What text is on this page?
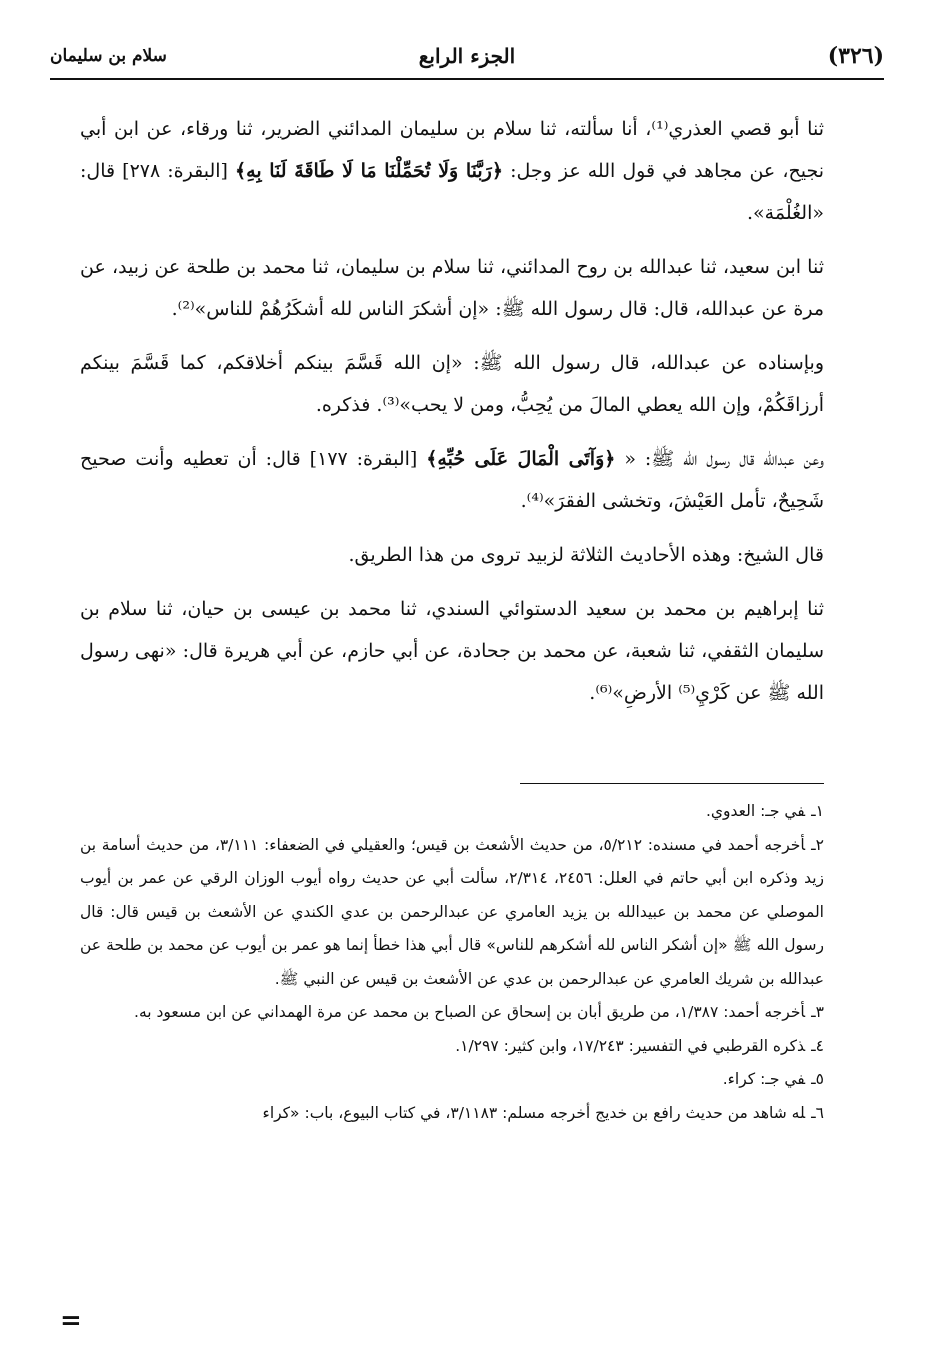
(٣٢٦)
الجزء الرابع
سلام بن سليمان

ثنا أبو قصي العذري⁽¹⁾، أنا سألته، ثنا سلام بن سليمان المدائني الضرير، ثنا ورقاء، عن ابن أبي نجيح، عن مجاهد في قول الله عز وجل: ﴿رَبَّنَا وَلَا تُحَمِّلْنَا مَا لَا طَاقَةَ لَنَا بِهِ﴾ [البقرة: ٢٧٨] قال: «الغُلْمَة».

ثنا ابن سعيد، ثنا عبدالله بن روح المدائني، ثنا سلام بن سليمان، ثنا محمد بن طلحة عن زبيد، عن مرة عن عبدالله، قال: قال رسول الله ﷺ: «إن أشكرَ الناس لله أشكَرُهُمْ للناس»⁽²⁾.

وبإسناده عن عبدالله، قال رسول الله ﷺ: «إن الله قَسَّمَ بينكم أخلاقكم، كما قَسَّمَ بينكم أرزاقَكُمْ، وإن الله يعطي المالَ من يُحِبُّ، ومن لا يحب»⁽³⁾. فذكره.

وعن عبدالله قال رسول الله ﷺ: « ﴿وَآتَى الْمَالَ عَلَى حُبِّهِ﴾ [البقرة: ١٧٧] قال: أن تعطيه وأنت صحيح شَحِيحٌ، تأمل العَيْشَ، وتخشى الفقرَ»⁽⁴⁾.

قال الشيخ: وهذه الأحاديث الثلاثة لزبيد تروى من هذا الطريق.

ثنا إبراهيم بن محمد بن سعيد الدستوائي السندي، ثنا محمد بن عيسى بن حيان، ثنا سلام بن سليمان الثقفي، ثنا شعبة، عن محمد بن جحادة، عن أبي حازم، عن أبي هريرة قال: «نهى رسول الله ﷺ عن كَرْيِ⁽⁵⁾ الأرضِ»⁽⁶⁾.

١ـفي جـ: العدوي.
٢ـأخرجه أحمد في مسنده: ٥/٢١٢، من حديث الأشعث بن قيس؛ والعقيلي في الضعفاء: ٣/١١١، من حديث أسامة بن زيد وذكره ابن أبي حاتم في العلل: ٢٤٥٦، ٢/٣١٤، سألت أبي عن حديث رواه أيوب الوزان الرقي عن عمر بن أيوب الموصلي عن محمد بن عبيدالله بن يزيد العامري عن عبدالرحمن بن عدي الكندي عن الأشعث بن قيس قال: قال رسول الله ﷺ «إن أشكر الناس لله أشكرهم للناس» قال أبي هذا خطأ إنما هو عمر بن أيوب عن محمد بن طلحة عن عبدالله بن شريك العامري عن عبدالرحمن بن عدي عن الأشعث بن قيس عن النبي ﷺ.
٣ـأخرجه أحمد: ١/٣٨٧، من طريق أبان بن إسحاق عن الصباح بن محمد عن مرة الهمداني عن ابن مسعود به.
٤ـذكره القرطبي في التفسير: ١٧/٢٤٣، وابن كثير: ١/٢٩٧.
٥ـفي جـ: كراء.
٦ـله شاهد من حديث رافع بن خديج أخرجه مسلم: ٣/١١٨٣، في كتاب البيوع، باب: «كراء
=
